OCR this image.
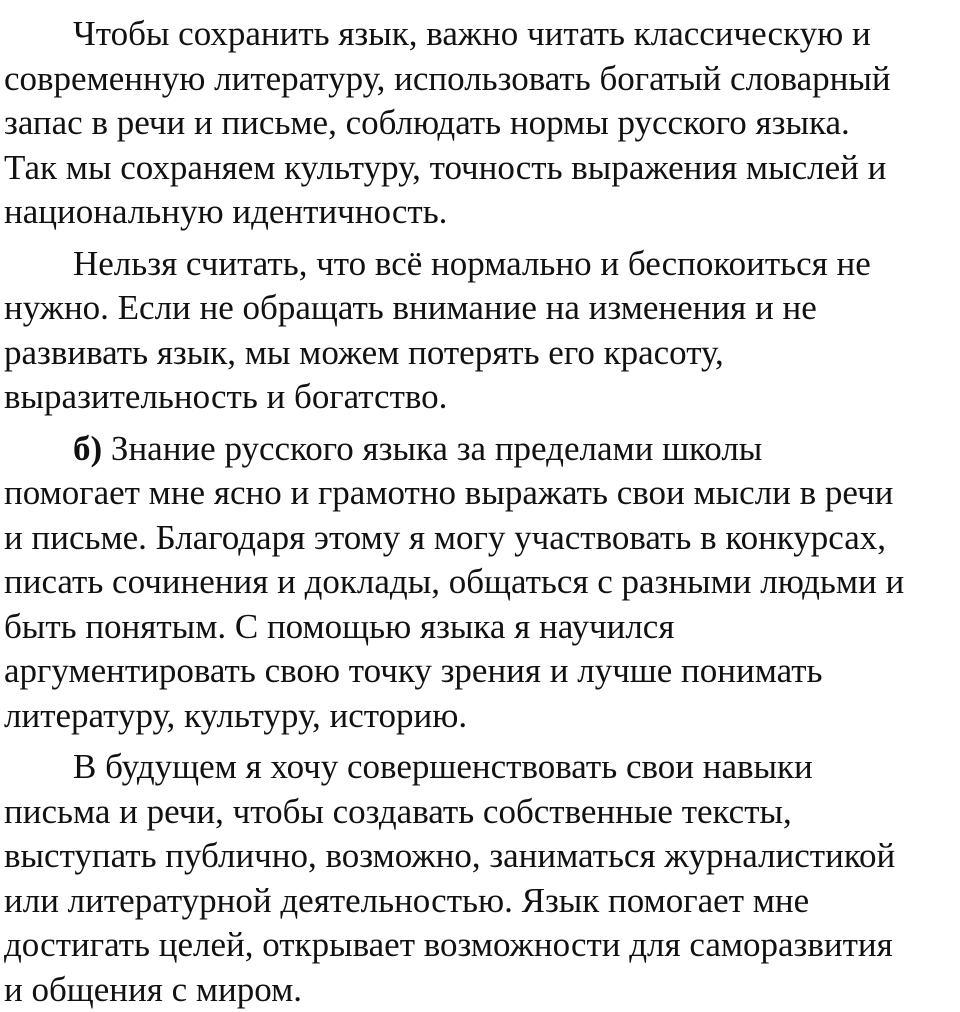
Чтобы сохранить язык, важно читать классическую и
современную литературу, использовать богатый словарный
запас в речи и письме, соблюдать нормы русского языка.
Так мы сохраняем культуру, точность выражения мыслей и
национальную идентичность.

Нельзя считать, что всё нормально и беспокоиться не
нужно. Если не обращать внимание на изменения и не
развивать язык, мы можем потерять его красоту,
выразительность и богатство.

б) Знание русского языка за пределами школы
помогает мне ясно и грамотно выражать свои мысли в речи
и письме. Благодаря этому я могу участвовать в конкурсах,
писать сочинения и доклады, общаться с разными людьми и
быть понятым. С помощью языка я научился
аргументировать свою точку зрения и лучше понимать
литературу, культуру, историю.

В будущем я хочу совершенствовать свои навыки
письма и речи, чтобы создавать собственные тексты,
выступать публично, возможно, заниматься журналистикой
или литературной деятельностью. Язык помогает мне
достигать целей, открывает возможности для саморазвития
и общения с миром.
